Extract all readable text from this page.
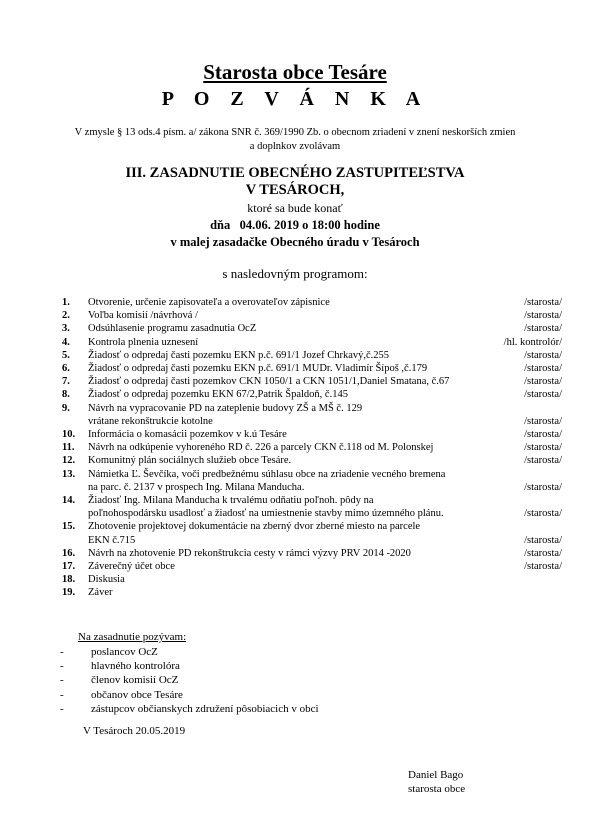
Starosta obce Tesáre
P O Z V Á N K A
V zmysle § 13 ods.4 písm. a/ zákona SNR č. 369/1990 Zb. o obecnom zriadení v znení neskorších zmien
a doplnkov zvolávam
III. ZASADNUTIE OBECNÉHO ZASTUPITEĽSTVA
V TESÁROCH,
ktoré sa bude konať
dňa   04.06. 2019 o 18:00 hodine
v malej zasadačke Obecného úradu v Tesároch
s nasledovným programom:
1.	Otvorenie, určenie zapisovateľa a overovateľov zápisnice	/starosta/
2.	Voľba komisií /návrhová /	/starosta/
3.	Odsúhlasenie programu zasadnutia OcZ	/starosta/
4.	Kontrola plnenia uznesení	/hl. kontrolór/
5.	Žiadosť o odpredaj časti pozemku EKN p.č. 691/1 Jozef Chrkavý,č.255	/starosta/
6.	Žiadosť o odpredaj časti pozemku EKN p.č. 691/1 MUDr. Vladimír Šípoš ,č.179	/starosta/
7.	Žiadosť o odpredaj časti pozemkov CKN 1050/1 a CKN 1051/1,Daniel Smatana, č.67	/starosta/
8.	Žiadosť o odpredaj pozemku EKN 67/2,Patrik Špaldoň, č.145	/starosta/
9.	Návrh na vypracovanie PD na zateplenie budovy ZŠ a MŠ č. 129
vrátane rekonštrukcie kotolne	/starosta/
10.	Informácia o komasácii pozemkov v k.ú Tesáre	/starosta/
11.	Návrh na odkúpenie vyhoreného RD č. 226 a parcely CKN č.118 od M. Polonskej	/starosta/
12.	Komunitný plán sociálnych služieb obce Tesáre.	/starosta/
13.	Námietka Ľ. Ševčíka, voči predbežnému súhlasu obce na zriadenie vecného bremena
na parc. č. 2137 v prospech Ing. Milana Manducha.	/starosta/
14.	Žiadosť Ing. Milana Manducha k trvalému odňatiu poľnoh. pôdy na
poľnohospodársku usadlosť a žiadosť na umiestnenie stavby mimo územného plánu.	/starosta/
15.	Zhotovenie projektovej dokumentácie na zberný dvor zberné miesto na parcele
EKN č.715	/starosta/
16.	Návrh na zhotovenie PD rekonštrukcia cesty v rámci výzvy PRV 2014 -2020	/starosta/
17.	Záverečný účet obce	/starosta/
18.	Diskusia
19.	Záver
Na zasadnutie pozývam:
-	poslancov OcZ
-	hlavného kontrolóra
-	členov komisií OcZ
-	občanov obce Tesáre
-	zástupcov občianskych združení pôsobiacich v obci
V Tesároch 20.05.2019
Daniel Bago
starosta obce
